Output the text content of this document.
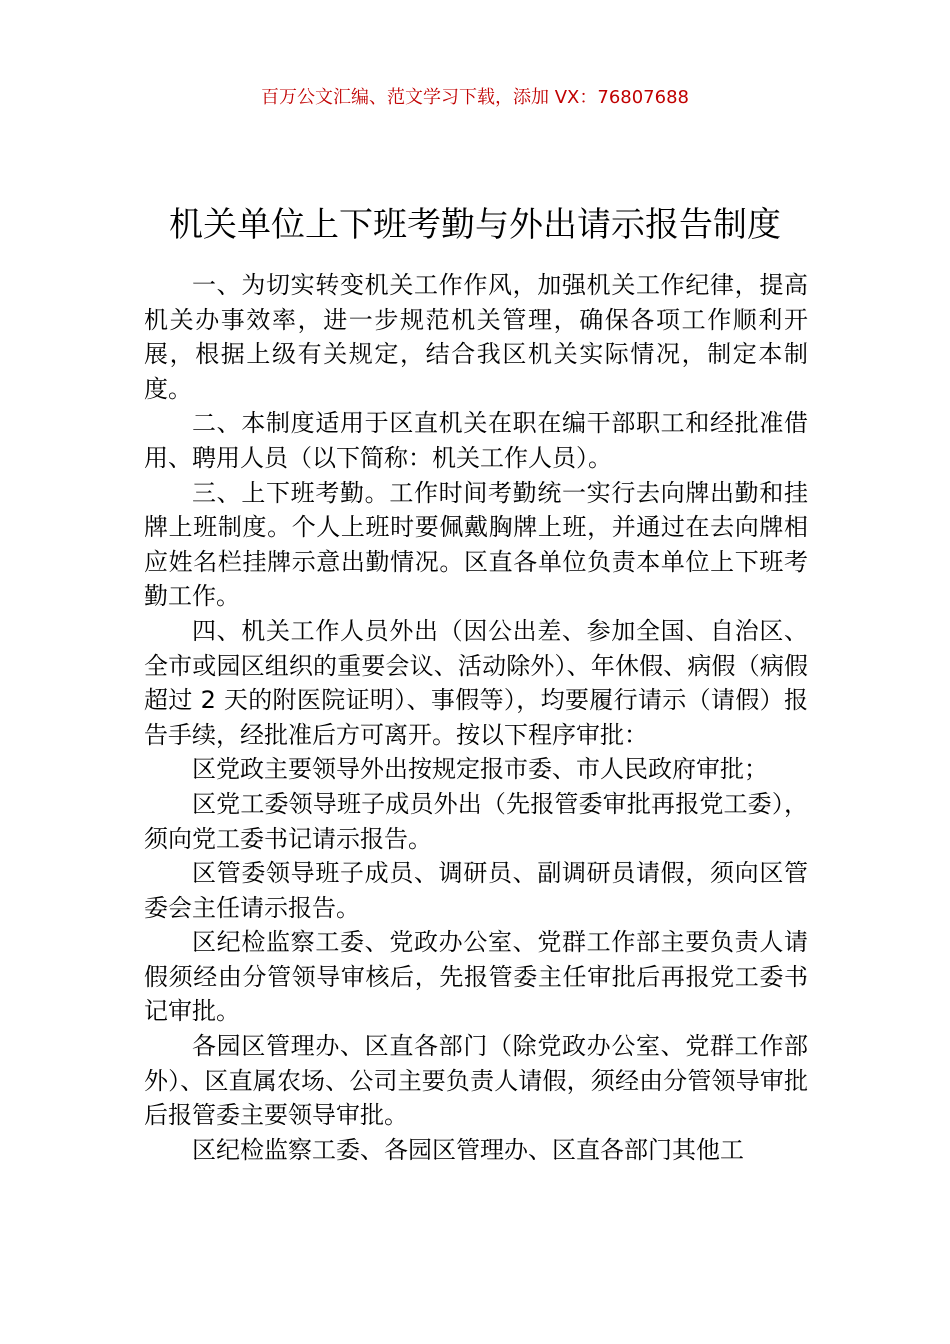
百万公文汇编、范文学习下载，添加 VX：76807688
机关单位上下班考勤与外出请示报告制度

一、为切实转变机关工作作风，加强机关工作纪律，提高机关办事效率，进一步规范机关管理，确保各项工作顺利开展，根据上级有关规定，结合我区机关实际情况，制定本制度。

二、本制度适用于区直机关在职在编干部职工和经批准借用、聘用人员（以下简称：机关工作人员）。

三、上下班考勤。工作时间考勤统一实行去向牌出勤和挂牌上班制度。个人上班时要佩戴胸牌上班，并通过在去向牌相应姓名栏挂牌示意出勤情况。区直各单位负责本单位上下班考勤工作。

四、机关工作人员外出（因公出差、参加全国、自治区、全市或园区组织的重要会议、活动除外）、年休假、病假（病假超过 2 天的附医院证明）、事假等），均要履行请示（请假）报告手续，经批准后方可离开。按以下程序审批：

区党政主要领导外出按规定报市委、市人民政府审批；

区党工委领导班子成员外出（先报管委审批再报党工委），须向党工委书记请示报告。

区管委领导班子成员、调研员、副调研员请假，须向区管委会主任请示报告。

区纪检监察工委、党政办公室、党群工作部主要负责人请假须经由分管领导审核后，先报管委主任审批后再报党工委书记审批。

各园区管理办、区直各部门（除党政办公室、党群工作部外）、区直属农场、公司主要负责人请假，须经由分管领导审批后报管委主要领导审批。

区纪检监察工委、各园区管理办、区直各部门其他工
